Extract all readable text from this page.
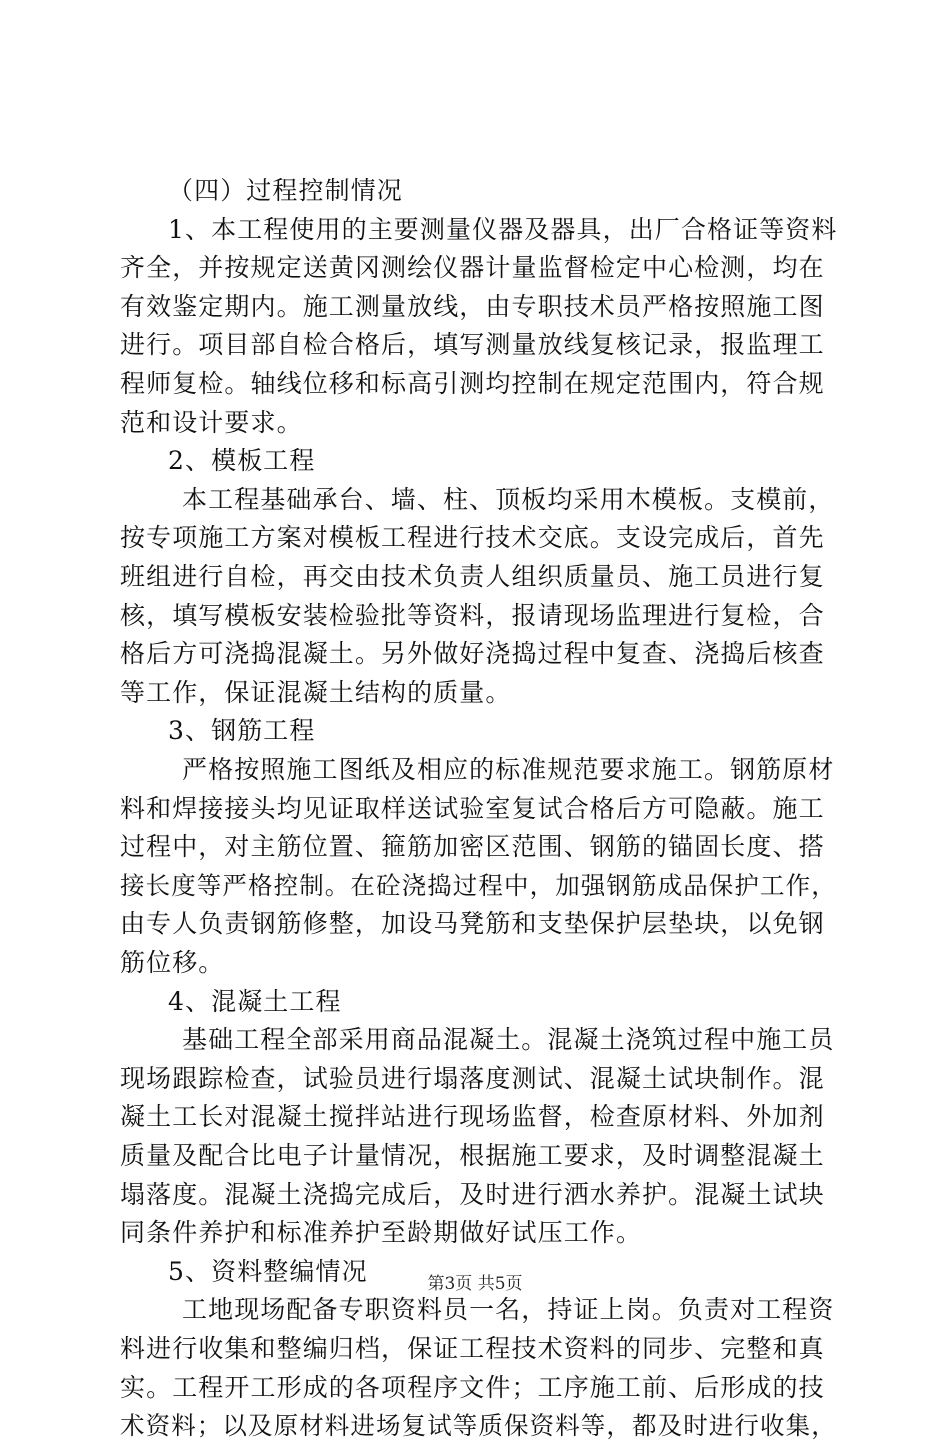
（四）过程控制情况
1、本工程使用的主要测量仪器及器具，出厂合格证等资料
齐全，并按规定送黄冈测绘仪器计量监督检定中心检测，均在
有效鉴定期内。施工测量放线，由专职技术员严格按照施工图
进行。项目部自检合格后，填写测量放线复核记录，报监理工
程师复检。轴线位移和标高引测均控制在规定范围内，符合规
范和设计要求。
2、模板工程
本工程基础承台、墙、柱、顶板均采用木模板。支模前，
按专项施工方案对模板工程进行技术交底。支设完成后，首先
班组进行自检，再交由技术负责人组织质量员、施工员进行复
核，填写模板安装检验批等资料，报请现场监理进行复检，合
格后方可浇捣混凝土。另外做好浇捣过程中复查、浇捣后核查
等工作，保证混凝土结构的质量。
3、钢筋工程
严格按照施工图纸及相应的标准规范要求施工。钢筋原材
料和焊接接头均见证取样送试验室复试合格后方可隐蔽。施工
过程中，对主筋位置、箍筋加密区范围、钢筋的锚固长度、搭
接长度等严格控制。在砼浇捣过程中，加强钢筋成品保护工作，
由专人负责钢筋修整，加设马凳筋和支垫保护层垫块，以免钢
筋位移。
4、混凝土工程
基础工程全部采用商品混凝土。混凝土浇筑过程中施工员
现场跟踪检查，试验员进行塌落度测试、混凝土试块制作。混
凝土工长对混凝土搅拌站进行现场监督，检查原材料、外加剂
质量及配合比电子计量情况，根据施工要求，及时调整混凝土
塌落度。混凝土浇捣完成后，及时进行洒水养护。混凝土试块
同条件养护和标准养护至龄期做好试压工作。
5、资料整编情况
工地现场配备专职资料员一名，持证上岗。负责对工程资
料进行收集和整编归档，保证工程技术资料的同步、完整和真
实。工程开工形成的各项程序文件；工序施工前、后形成的技
术资料；以及原材料进场复试等质保资料等，都及时进行收集，
第3页 共5页
